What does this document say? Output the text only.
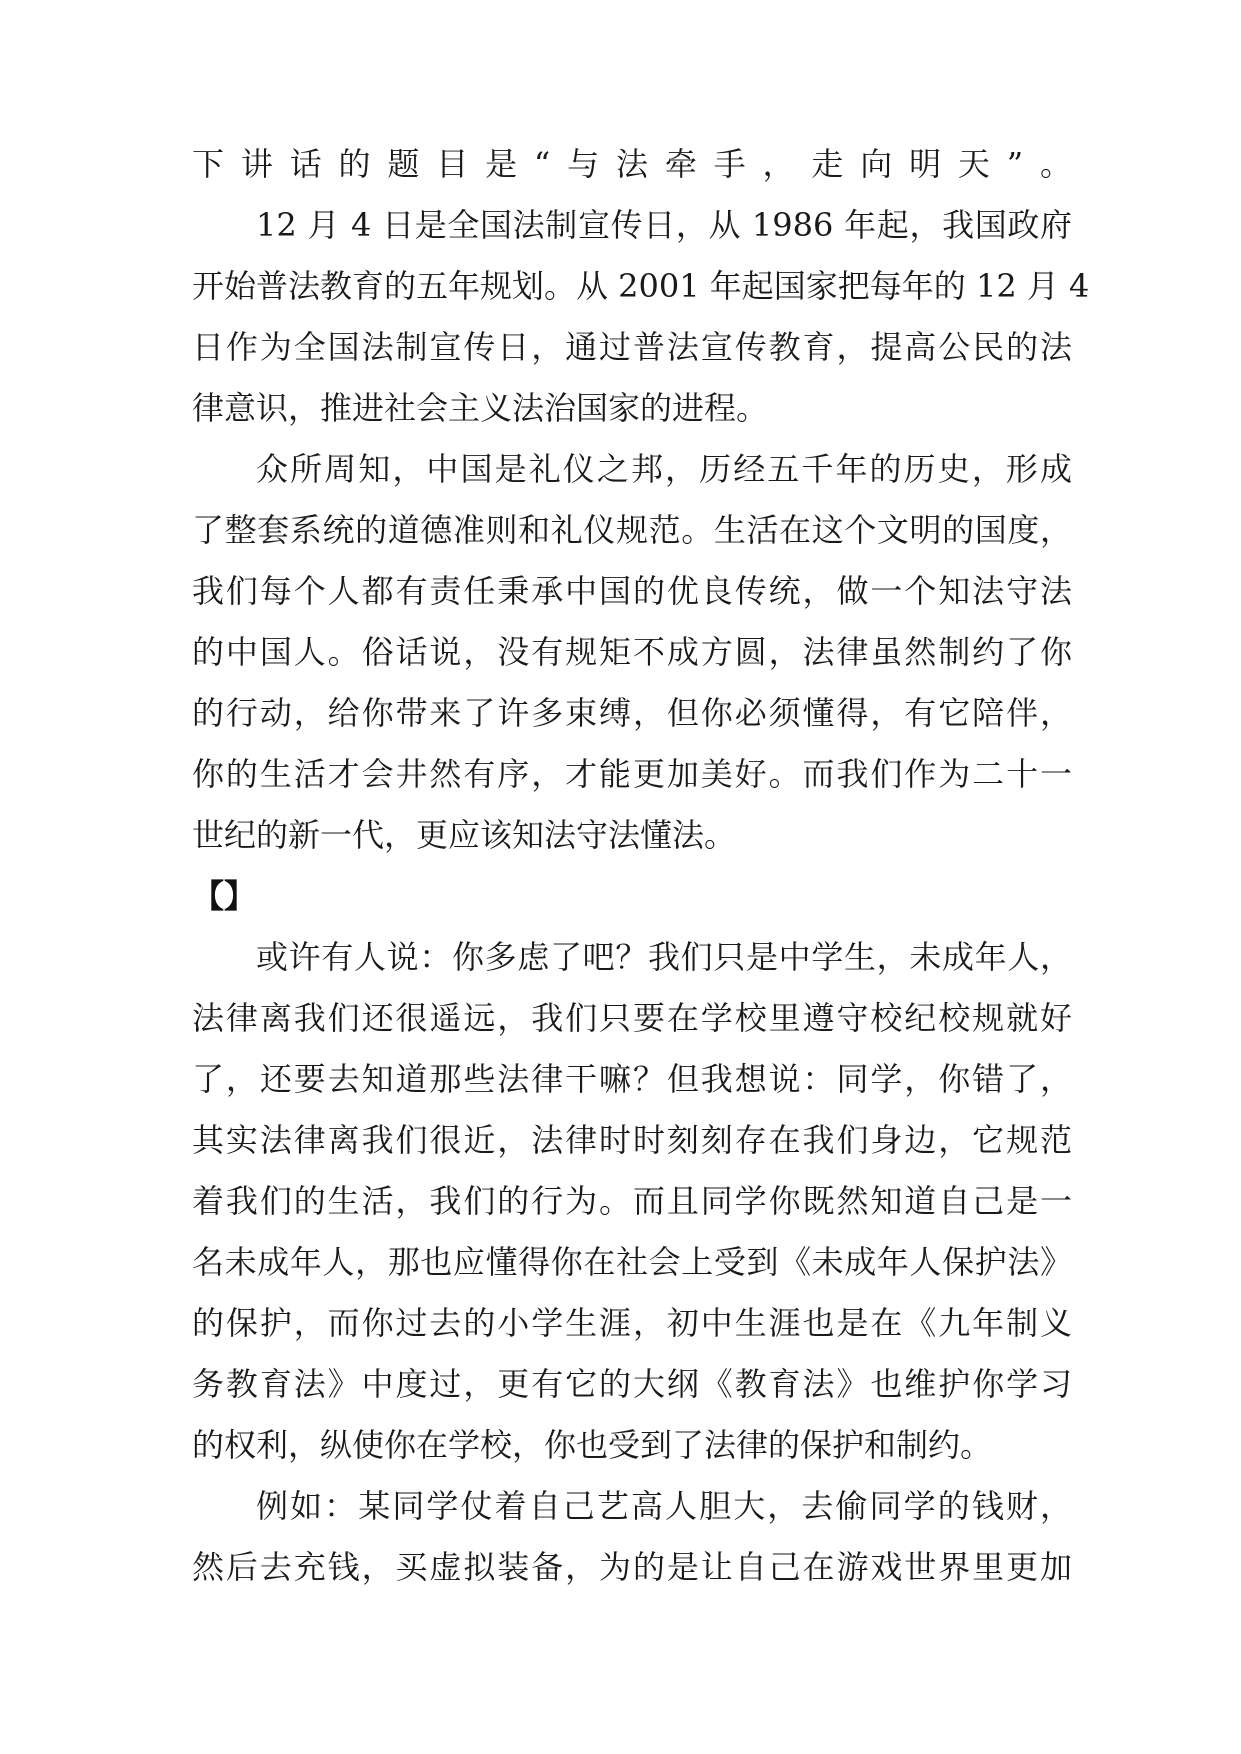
下讲话的题目是“与法牵手，走向明天”。

12 月 4 日是全国法制宣传日，从 1986 年起，我国政府

开始普法教育的五年规划。从 2001 年起国家把每年的 12 月 4

日作为全国法制宣传日，通过普法宣传教育，提高公民的法

律意识，推进社会主义法治国家的进程。

众所周知，中国是礼仪之邦，历经五千年的历史，形成

了整套系统的道德准则和礼仪规范。生活在这个文明的国度，

我们每个人都有责任秉承中国的优良传统，做一个知法守法

的中国人。俗话说，没有规矩不成方圆，法律虽然制约了你

的行动，给你带来了许多束缚，但你必须懂得，有它陪伴，

你的生活才会井然有序，才能更加美好。而我们作为二十一

世纪的新一代，更应该知法守法懂法。

【】

或许有人说：你多虑了吧？我们只是中学生，未成年人，

法律离我们还很遥远，我们只要在学校里遵守校纪校规就好

了，还要去知道那些法律干嘛？但我想说：同学，你错了，

其实法律离我们很近，法律时时刻刻存在我们身边，它规范

着我们的生活，我们的行为。而且同学你既然知道自己是一

名未成年人，那也应懂得你在社会上受到《未成年人保护法》

的保护，而你过去的小学生涯，初中生涯也是在《九年制义

务教育法》中度过，更有它的大纲《教育法》也维护你学习

的权利，纵使你在学校，你也受到了法律的保护和制约。

例如：某同学仗着自己艺高人胆大，去偷同学的钱财，

然后去充钱，买虚拟装备，为的是让自己在游戏世界里更加
